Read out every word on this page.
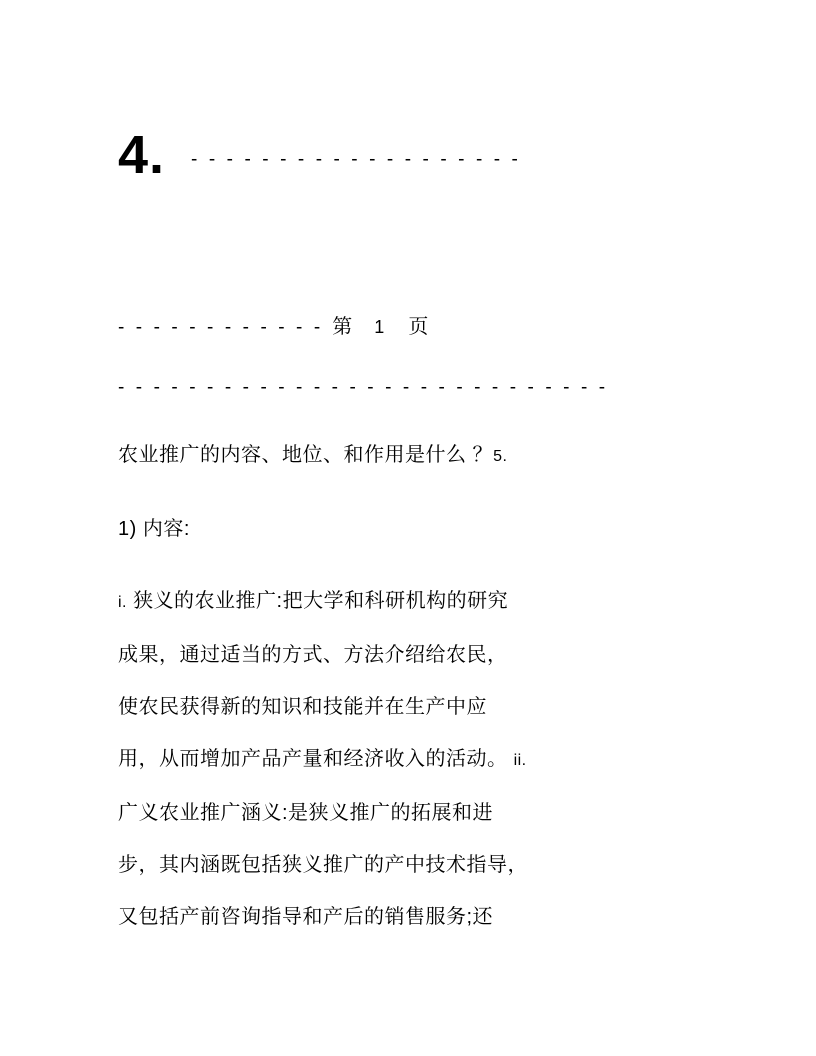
4. - - - - - - - - - - - - - - - - - - -
- - - - - - - - - - - - 第 1 页
- - - - - - - - - - - - - - - - - - - - - - - - - - - -
农业推广的内容、地位、和作用是什么 ？5.
1) 内容:
i. 狭义的农业推广:把大学和科研机构的研究
成果，通过适当的方式、方法介绍给农民，
使农民获得新的知识和技能并在生产中应
用，从而增加产品产量和经济收入的活动。 ii.
广义农业推广涵义:是狭义推广的拓展和进
步，其内涵既包括狭义推广的产中技术指导，
又包括产前咨询指导和产后的销售服务;还
